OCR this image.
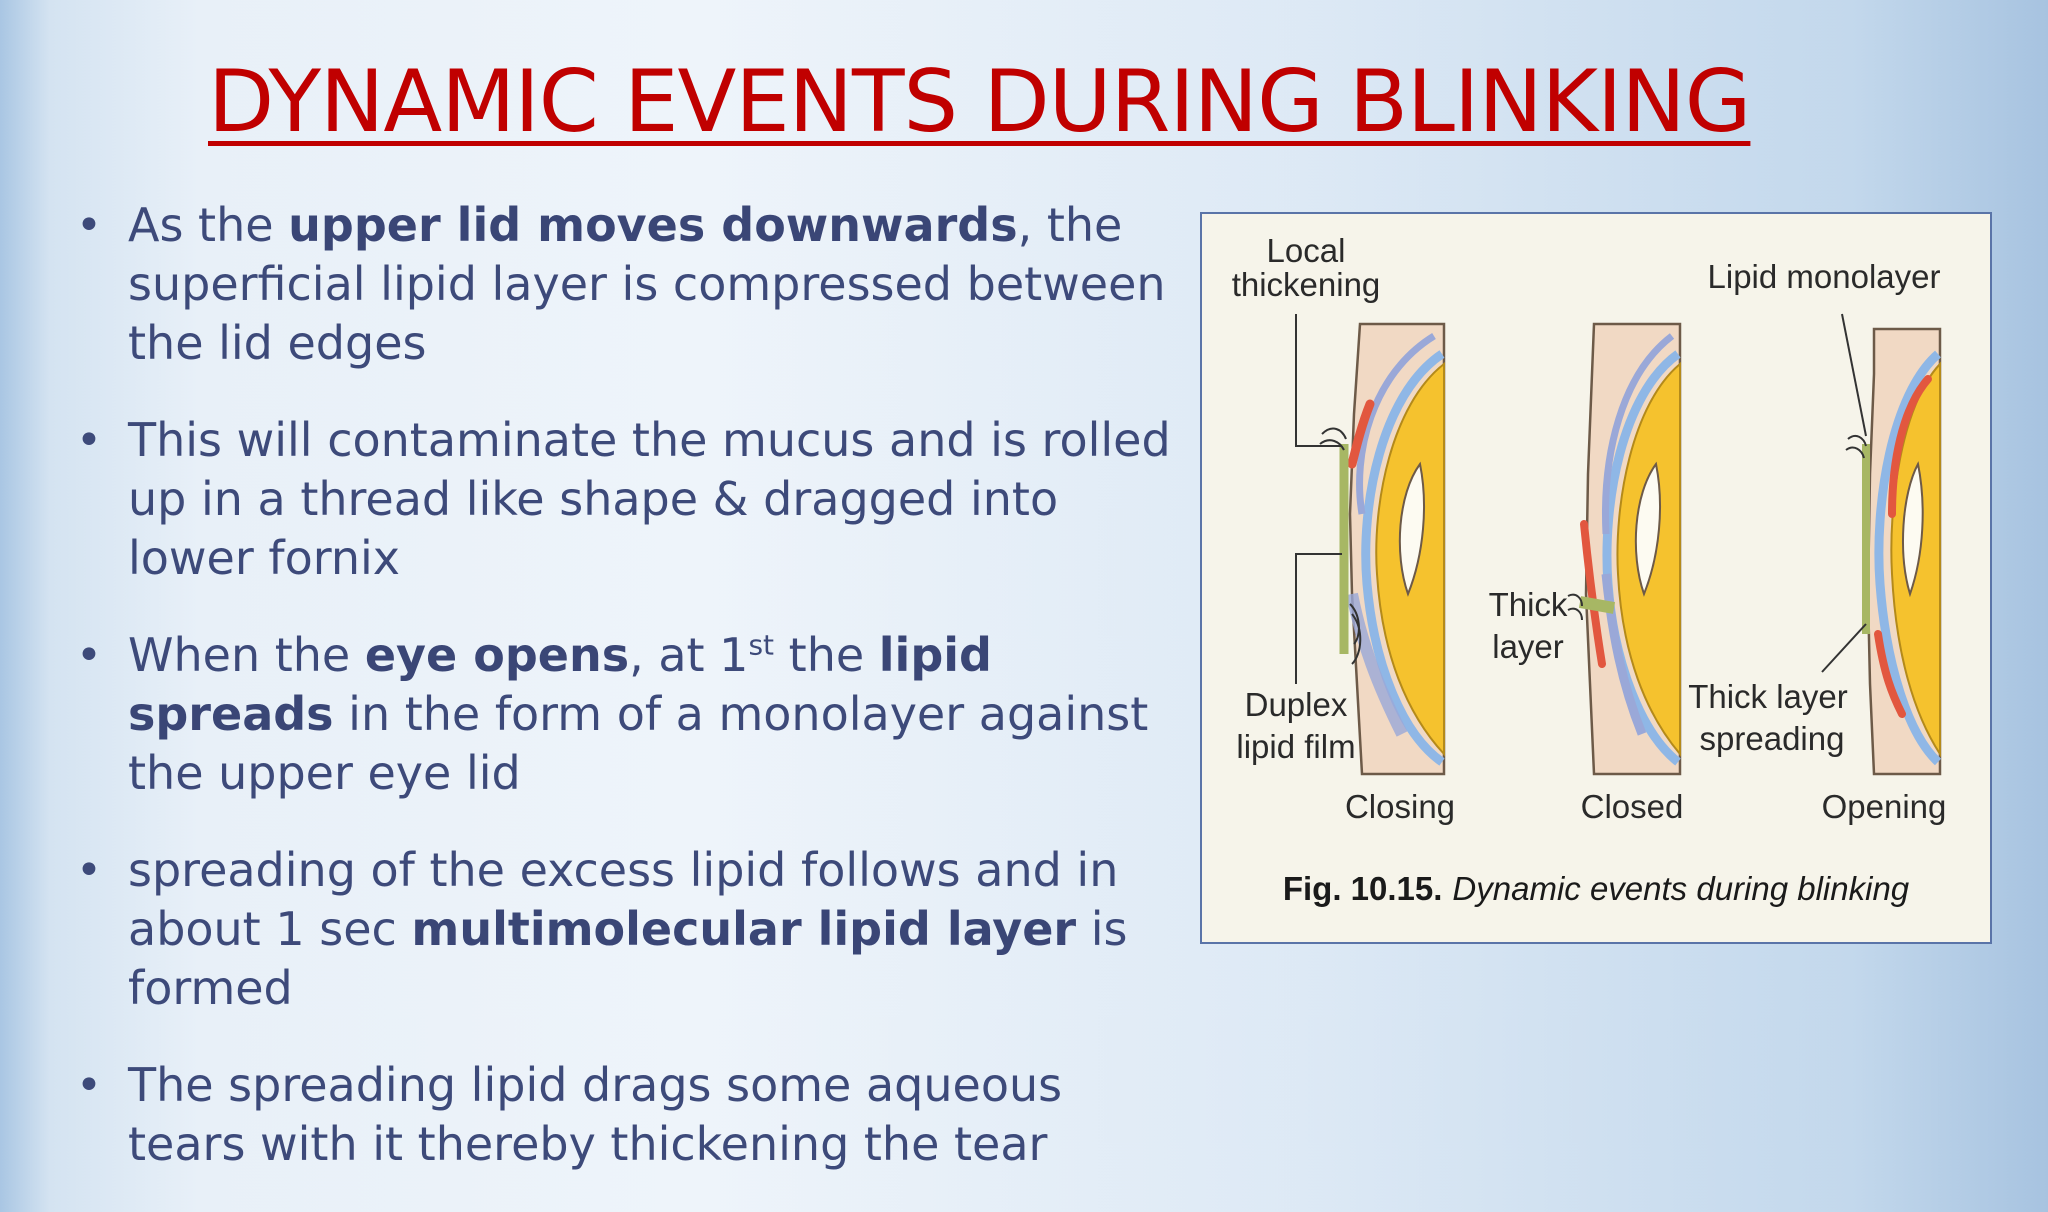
DYNAMIC EVENTS DURING BLINKING
• As the upper lid moves downwards, the superficial lipid layer is compressed between the lid edges
• This will contaminate the mucus and is rolled up in a thread like shape & dragged into lower fornix
• When the eye opens, at 1st the lipid spreads in the form of a monolayer against the upper eye lid
• spreading of the excess lipid follows and in about 1 sec multimolecular lipid layer is formed
• The spreading lipid drags some aqueous tears with it thereby thickening the tear
Local
thickening	Lipid monolayer
Thick
layer
Duplex
lipid film
Thick layer
spreading
Closing	Closed	Opening
Fig. 10.15. Dynamic events during blinking
